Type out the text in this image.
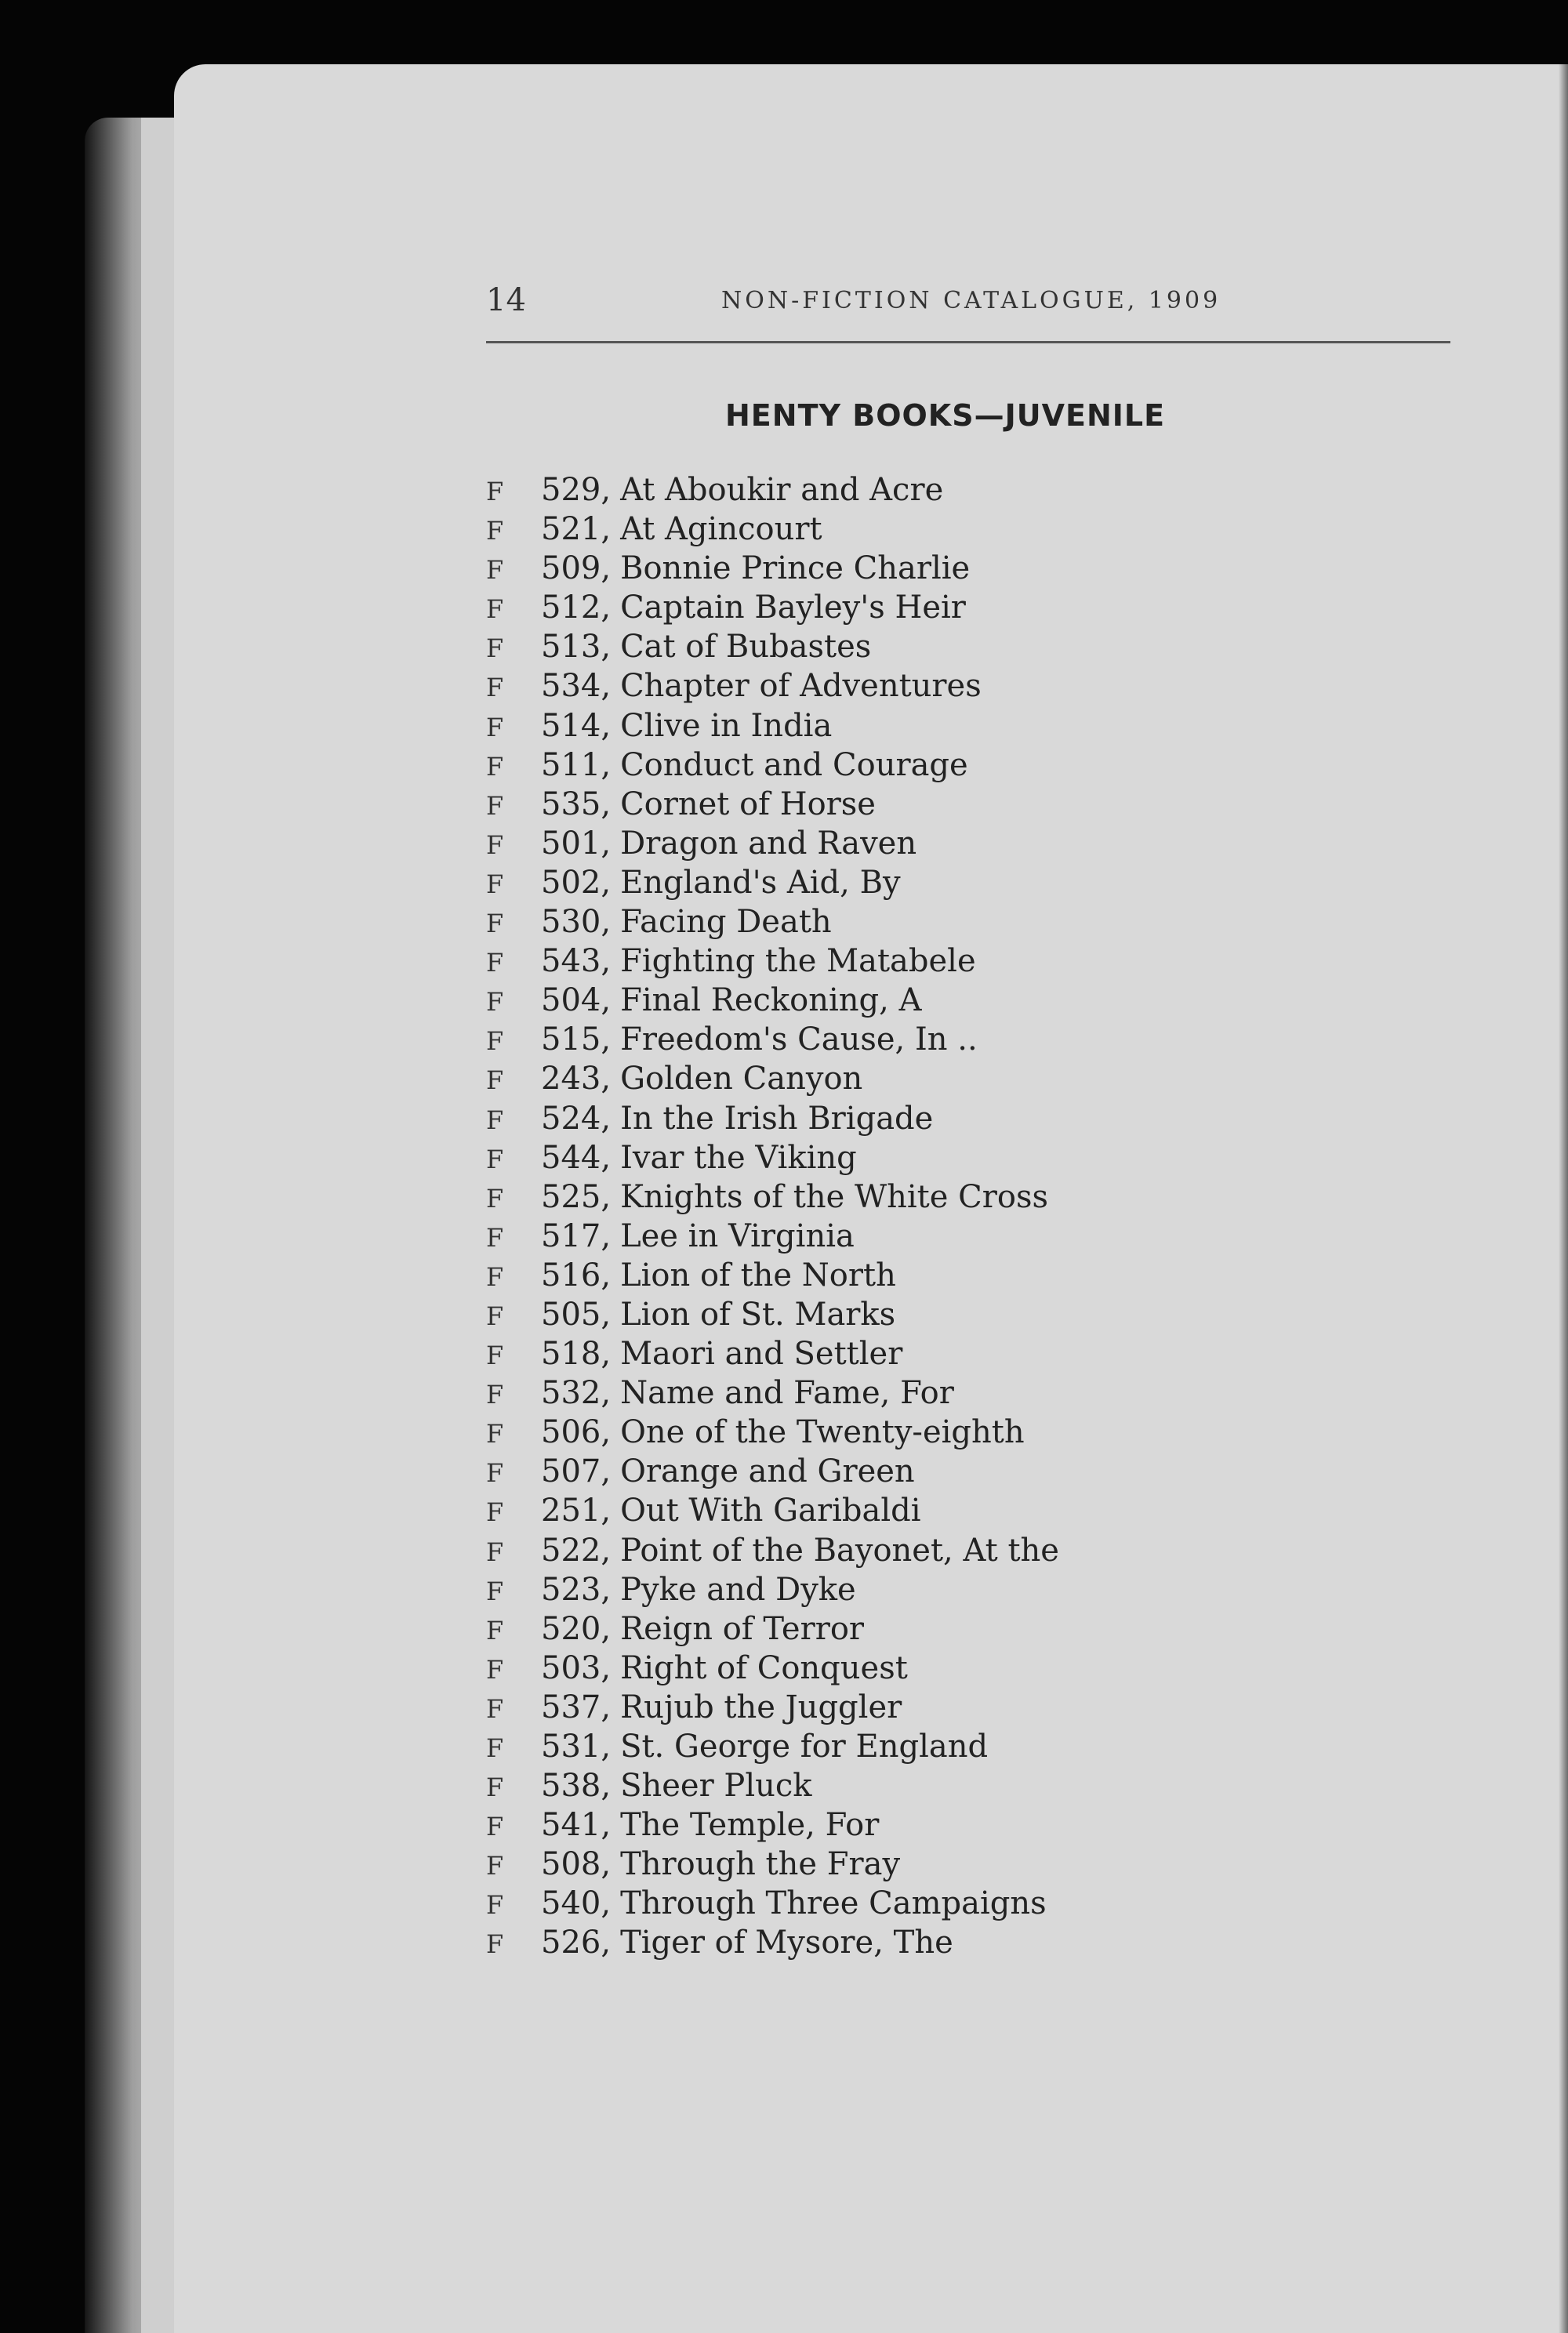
14	NON-FICTION CATALOGUE, 1909
HENTY BOOKS—JUVENILE
F 529, At Aboukir and Acre
F 521, At Agincourt
F 509, Bonnie Prince Charlie
F 512, Captain Bayley's Heir
F 513, Cat of Bubastes
F 534, Chapter of Adventures
F 514, Clive in India
F 511, Conduct and Courage
F 535, Cornet of Horse
F 501, Dragon and Raven
F 502, England's Aid, By
F 530, Facing Death
F 543, Fighting the Matabele
F 504, Final Reckoning, A
F 515, Freedom's Cause, In ..
F 243, Golden Canyon
F 524, In the Irish Brigade
F 544, Ivar the Viking
F 525, Knights of the White Cross
F 517, Lee in Virginia
F 516, Lion of the North
F 505, Lion of St. Marks
F 518, Maori and Settler
F 532, Name and Fame, For
F 506, One of the Twenty-eighth
F 507, Orange and Green
F 251, Out With Garibaldi
F 522, Point of the Bayonet, At the
F 523, Pyke and Dyke
F 520, Reign of Terror
F 503, Right of Conquest
F 537, Rujub the Juggler
F 531, St. George for England
F 538, Sheer Pluck
F 541, The Temple, For
F 508, Through the Fray
F 540, Through Three Campaigns
F 526, Tiger of Mysore, The
